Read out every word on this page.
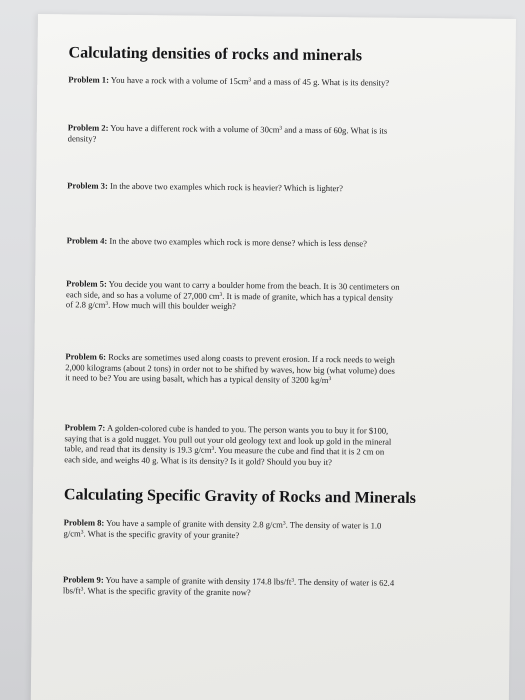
Calculating densities of rocks and minerals
Problem 1: You have a rock with a volume of $15cm^3$ and a mass of 45 g. What is its density?
Problem 2: You have a different rock with a volume of $30cm^3$ and a mass of 60g. What is its
density?
Problem 3: In the above two examples which rock is heavier? Which is lighter?
Problem 4: In the above two examples which rock is more dense? which is less dense?
Problem 5: You decide you want to carry a boulder home from the beach. It is 30 centimeters on
each side, and so has a volume of 27,000 $cm^3$. It is made of granite, which has a typical density
of 2.8 $g/cm^3$. How much will this boulder weigh?
Problem 6: Rocks are sometimes used along coasts to prevent erosion. If a rock needs to weigh
2,000 kilograms (about 2 tons) in order not to be shifted by waves, how big (what volume) does
it need to be? You are using basalt, which has a typical density of 3200 $kg/m^3$
Problem 7: A golden-colored cube is handed to you. The person wants you to buy it for $100,
saying that is a gold nugget. You pull out your old geology text and look up gold in the mineral
table, and read that its density is 19.3 $g/cm^3$. You measure the cube and find that it is 2 cm on
each side, and weighs 40 g. What is its density? Is it gold? Should you buy it?
Calculating Specific Gravity of Rocks and Minerals
Problem 8: You have a sample of granite with density 2.8 $g/cm^3$. The density of water is 1.0
$g/cm^3$. What is the specific gravity of your granite?
Problem 9: You have a sample of granite with density 174.8 lbs/$ft^3$. The density of water is 62.4
lbs/$ft^3$. What is the specific gravity of the granite now?
